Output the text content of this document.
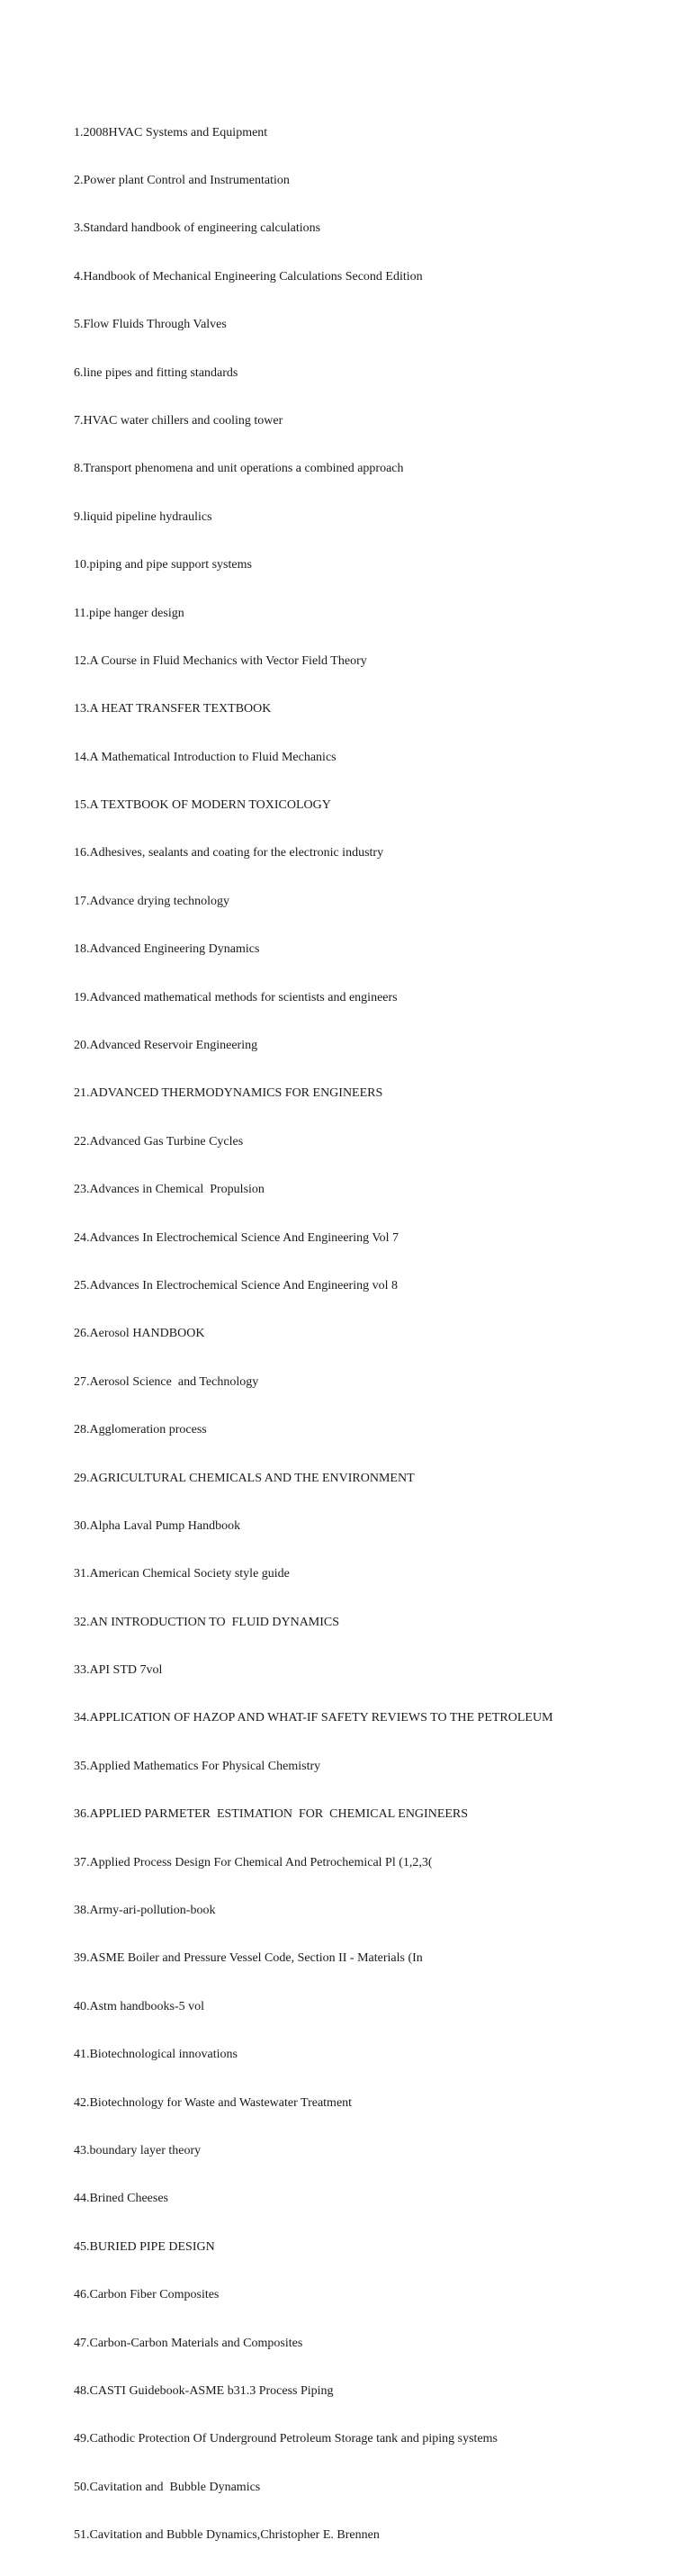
1.2008HVAC Systems and Equipment

2.Power plant Control and Instrumentation

3.Standard handbook of engineering calculations

4.Handbook of Mechanical Engineering Calculations Second Edition

5.Flow Fluids Through Valves

6.line pipes and fitting standards

7.HVAC water chillers and cooling tower

8.Transport phenomena and unit operations a combined approach

9.liquid pipeline hydraulics

10.piping and pipe support systems

11.pipe hanger design

12.A Course in Fluid Mechanics with Vector Field Theory

13.A HEAT TRANSFER TEXTBOOK

14.A Mathematical Introduction to Fluid Mechanics

15.A TEXTBOOK OF MODERN TOXICOLOGY

16.Adhesives, sealants and coating for the electronic industry

17.Advance drying technology

18.Advanced Engineering Dynamics

19.Advanced mathematical methods for scientists and engineers

20.Advanced Reservoir Engineering

21.ADVANCED THERMODYNAMICS FOR ENGINEERS

22.Advanced Gas Turbine Cycles

23.Advances in Chemical  Propulsion

24.Advances In Electrochemical Science And Engineering Vol 7

25.Advances In Electrochemical Science And Engineering vol 8

26.Aerosol HANDBOOK

27.Aerosol Science  and Technology

28.Agglomeration process

29.AGRICULTURAL CHEMICALS AND THE ENVIRONMENT

30.Alpha Laval Pump Handbook

31.American Chemical Society style guide

32.AN INTRODUCTION TO  FLUID DYNAMICS

33.API STD 7vol

34.APPLICATION OF HAZOP AND WHAT-IF SAFETY REVIEWS TO THE PETROLEUM

35.Applied Mathematics For Physical Chemistry

36.APPLIED PARMETER  ESTIMATION  FOR  CHEMICAL ENGINEERS

37.Applied Process Design For Chemical And Petrochemical Pl (1,2,3(

38.Army-ari-pollution-book

39.ASME Boiler and Pressure Vessel Code, Section II - Materials (In

40.Astm handbooks-5 vol

41.Biotechnological innovations

42.Biotechnology for Waste and Wastewater Treatment

43.boundary layer theory

44.Brined Cheeses

45.BURIED PIPE DESIGN

46.Carbon Fiber Composites

47.Carbon-Carbon Materials and Composites

48.CASTI Guidebook-ASME b31.3 Process Piping

49.Cathodic Protection Of Underground Petroleum Storage tank and piping systems

50.Cavitation and  Bubble Dynamics

51.Cavitation and Bubble Dynamics,Christopher E. Brennen
